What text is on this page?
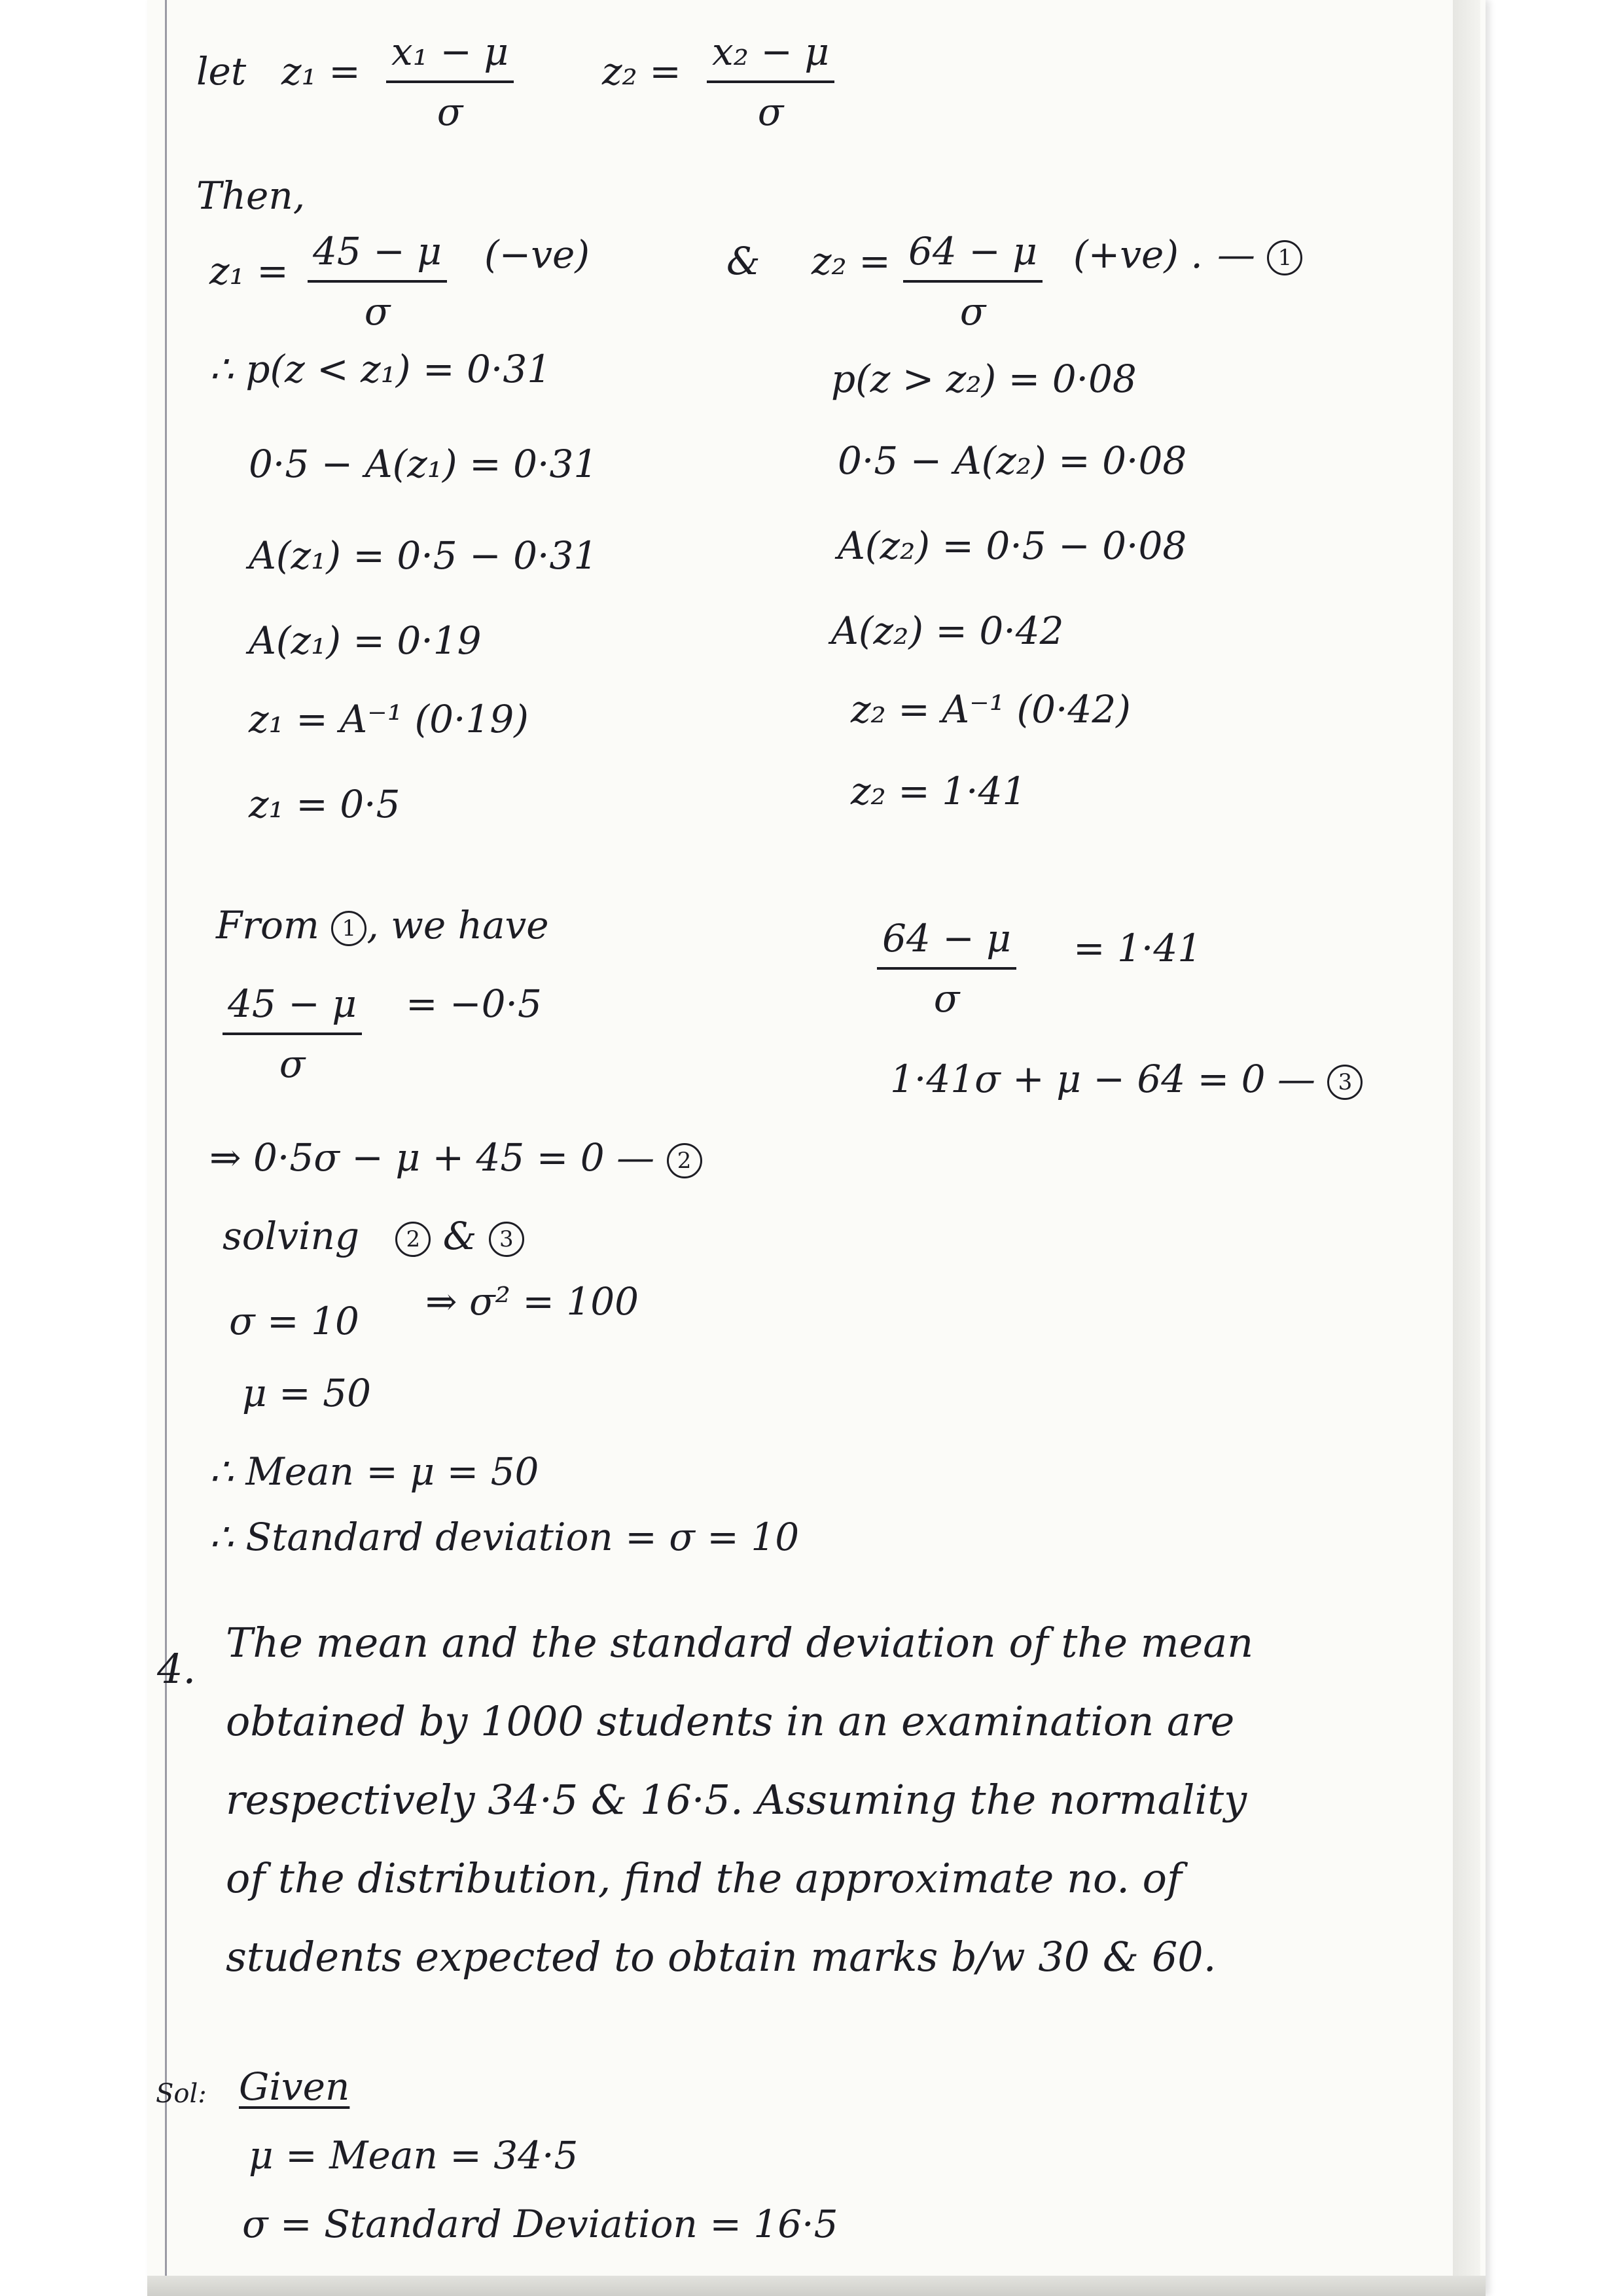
let $z_1 = \frac{\text{x₁ − μ}}{\sigma} z_2 = \frac{\text{x₂ − μ}}{\sigma}$
Then,
$z_1 = \frac{45 - \mu}{\sigma} (-ve)$	& $z_2 = \frac{64 - \mu}{\sigma} (+ve)$ . — 1
∴ p(z < z₁) = 0·31
0·5 − A(z₁) = 0·31
A(z₁) = 0·5 − 0·31
A(z₁) = 0·19
z₁ = A⁻¹ (0·19)
z₁ = 0·5
p(z > z₂) = 0·08
0·5 − A(z₂) = 0·08
A(z₂) = 0·5 − 0·08
A(z₂) = 0·42
z₂ = A⁻¹ (0·42)
z₂ = 1·41
From 1 , we have
$\frac{45 - \mu}{\sigma} = -0\cdot 5$	$\frac{64 - \mu}{\sigma} = 1\cdot 41$
⇒ 0·5σ − μ + 45 = 0 — 2
1·41σ + μ − 64 = 0 — 3
solving 2 & 3
σ = 10 ⇒ σ² = 100
μ = 50
∴ Mean = μ = 50
∴ Standard deviation = σ = 10
4.
The mean and the standard deviation of the mean
obtained by 1000 students in an examination are
respectively 34·5 & 16·5. Assuming the normality
of the distribution, find the approximate no. of
students expected to obtain marks b/w 30 & 60.
Sol: Given
μ = Mean = 34·5
σ = Standard Deviation = 16·5
